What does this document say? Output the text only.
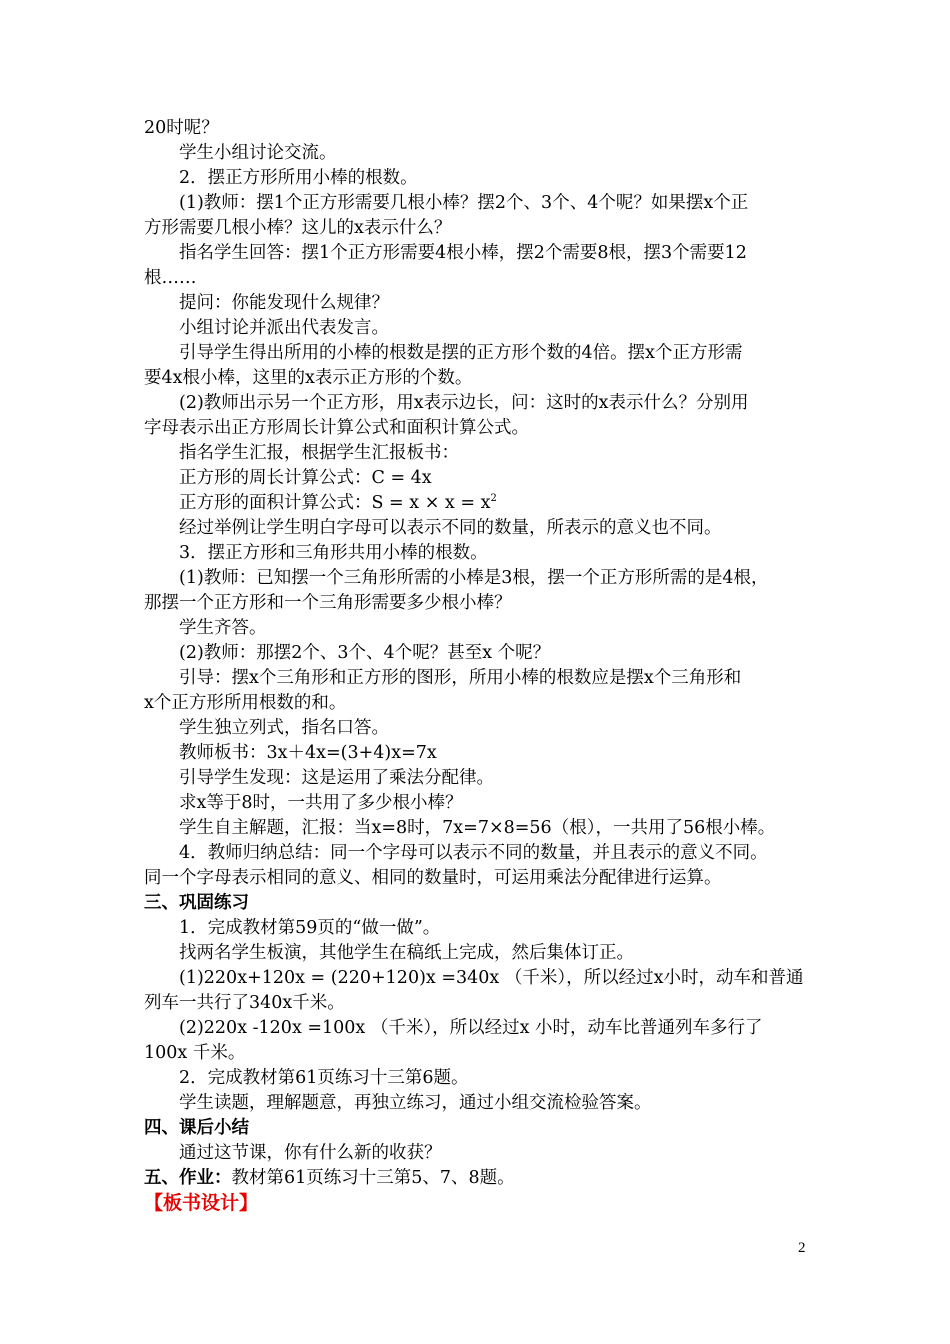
20时呢？
学生小组讨论交流。
2．摆正方形所用小棒的根数。
(1)教师：摆1个正方形需要几根小棒？摆2个、3个、4个呢？如果摆x个正
方形需要几根小棒？这儿的x表示什么？
指名学生回答：摆1个正方形需要4根小棒，摆2个需要8根，摆3个需要12
根……
提问：你能发现什么规律？
小组讨论并派出代表发言。
引导学生得出所用的小棒的根数是摆的正方形个数的4倍。摆x个正方形需
要4x根小棒，这里的x表示正方形的个数。
(2)教师出示另一个正方形，用x表示边长，问：这时的x表示什么？分别用
字母表示出正方形周长计算公式和面积计算公式。
指名学生汇报，根据学生汇报板书：
正方形的周长计算公式：C = 4x
正方形的面积计算公式：$S = x \times x = x^2$
经过举例让学生明白字母可以表示不同的数量，所表示的意义也不同。
3．摆正方形和三角形共用小棒的根数。
(1)教师：已知摆一个三角形所需的小棒是3根，摆一个正方形所需的是4根，
那摆一个正方形和一个三角形需要多少根小棒？
学生齐答。
(2)教师：那摆2个、3个、4个呢？甚至x 个呢？
引导：摆x个三角形和正方形的图形，所用小棒的根数应是摆x个三角形和
x个正方形所用根数的和。
学生独立列式，指名口答。
教师板书：3x＋4x=(3+4)x=7x
引导学生发现：这是运用了乘法分配律。
求x等于8时，一共用了多少根小棒？
学生自主解题，汇报：当x=8时，7x=7×8=56（根），一共用了56根小棒。
4．教师归纳总结：同一个字母可以表示不同的数量，并且表示的意义不同。
同一个字母表示相同的意义、相同的数量时，可运用乘法分配律进行运算。
三、巩固练习
1．完成教材第59页的“做一做”。
找两名学生板演，其他学生在稿纸上完成，然后集体订正。
(1)220x+120x = (220+120)x =340x （千米），所以经过x小时，动车和普通
列车一共行了340x千米。
(2)220x -120x =100x （千米），所以经过x 小时，动车比普通列车多行了
100x 千米。
2．完成教材第61页练习十三第6题。
学生读题，理解题意，再独立练习，通过小组交流检验答案。
四、课后小结
通过这节课，你有什么新的收获？
五、作业：教材第61页练习十三第5、7、8题。
【板书设计】
2
